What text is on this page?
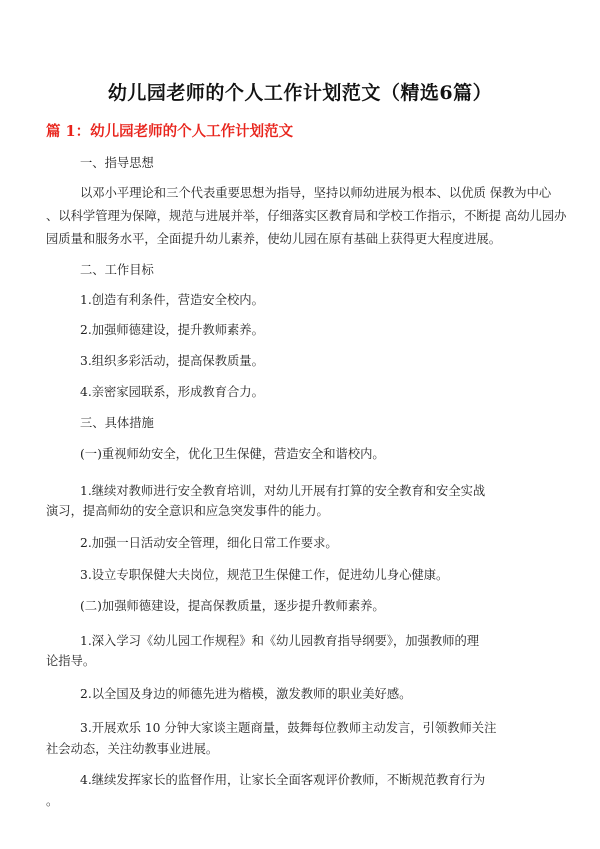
幼儿园老师的个人工作计划范文（精选6篇）
篇 1：幼儿园老师的个人工作计划范文
一、指导思想
以邓小平理论和三个代表重要思想为指导，坚持以师幼进展为根本、以优质 保教为中心
、以科学管理为保障，规范与进展并举，仔细落实区教育局和学校工作指示，不断提 高幼儿园办
园质量和服务水平，全面提升幼儿素养，使幼儿园在原有基础上获得更大程度进展。
二、工作目标
1.创造有利条件，营造安全校内。
2.加强师德建设，提升教师素养。
3.组织多彩活动，提高保教质量。
4.亲密家园联系，形成教育合力。
三、具体措施
(一)重视师幼安全，优化卫生保健，营造安全和谐校内。
1.继续对教师进行安全教育培训，对幼儿开展有打算的安全教育和安全实战
演习，提高师幼的安全意识和应急突发事件的能力。
2.加强一日活动安全管理，细化日常工作要求。
3.设立专职保健大夫岗位，规范卫生保健工作，促进幼儿身心健康。
(二)加强师德建设，提高保教质量，逐步提升教师素养。
1.深入学习《幼儿园工作规程》和《幼儿园教育指导纲要》，加强教师的理
论指导。
2.以全国及身边的师德先进为楷模，激发教师的职业美好感。
3.开展欢乐 10 分钟大家谈主题商量，鼓舞每位教师主动发言，引领教师关注
社会动态，关注幼教事业进展。
4.继续发挥家长的监督作用，让家长全面客观评价教师，不断规范教育行为
。
